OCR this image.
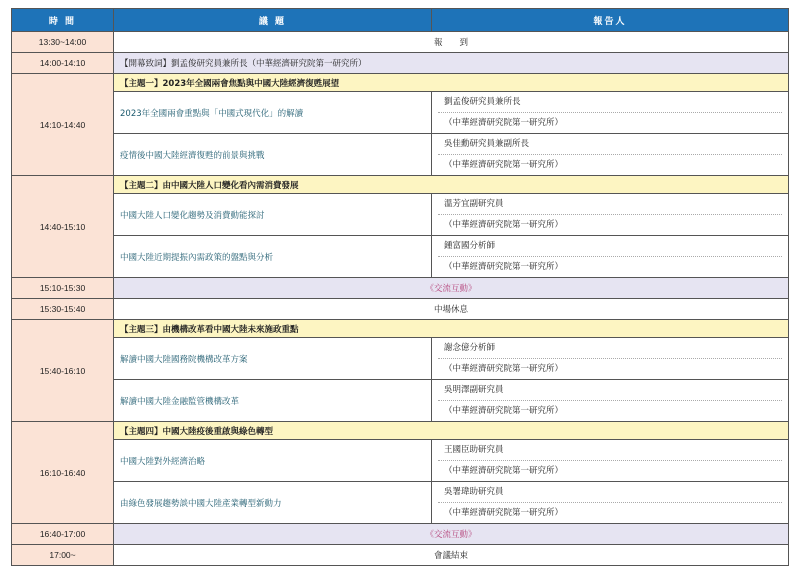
時 間	議 題	報告人
13:30~14:00	報　　到	
14:00-14:10	【開幕致詞】劉孟俊研究員兼所長（中華經濟研究院第一研究所）	
14:10-14:40	【主題一】2023年全國兩會焦點與中國大陸經濟復甦展望	
	2023年全國兩會重點與「中國式現代化」的解讀	劉孟俊研究員兼所長
（中華經濟研究院第一研究所）

	疫情後中國大陸經濟復甦的前景與挑戰	吳佳勳研究員兼副所長
（中華經濟研究院第一研究所）

14:40-15:10	【主題二】由中國大陸人口變化看內需消費發展	
	中國大陸人口變化趨勢及消費動能探討	溫芳宜副研究員
（中華經濟研究院第一研究所）

	中國大陸近期提振內需政策的盤點與分析	鍾富國分析師
（中華經濟研究院第一研究所）

15:10-15:30	《交流互動》	
15:30-15:40	中場休息	
15:40-16:10	【主題三】由機構改革看中國大陸未來施政重點	
	解讀中國大陸國務院機構改革方案	謝念億分析師
（中華經濟研究院第一研究所）

	解讀中國大陸金融監管機構改革	吳明澤副研究員
（中華經濟研究院第一研究所）

16:10-16:40	【主題四】中國大陸疫後重啟與綠色轉型	
	中國大陸對外經濟治略	王國臣助研究員
（中華經濟研究院第一研究所）

	由綠色發展趨勢談中國大陸產業轉型新動力	吳署瑋助研究員
（中華經濟研究院第一研究所）

16:40-17:00	《交流互動》	
17:00~	會議結束	
